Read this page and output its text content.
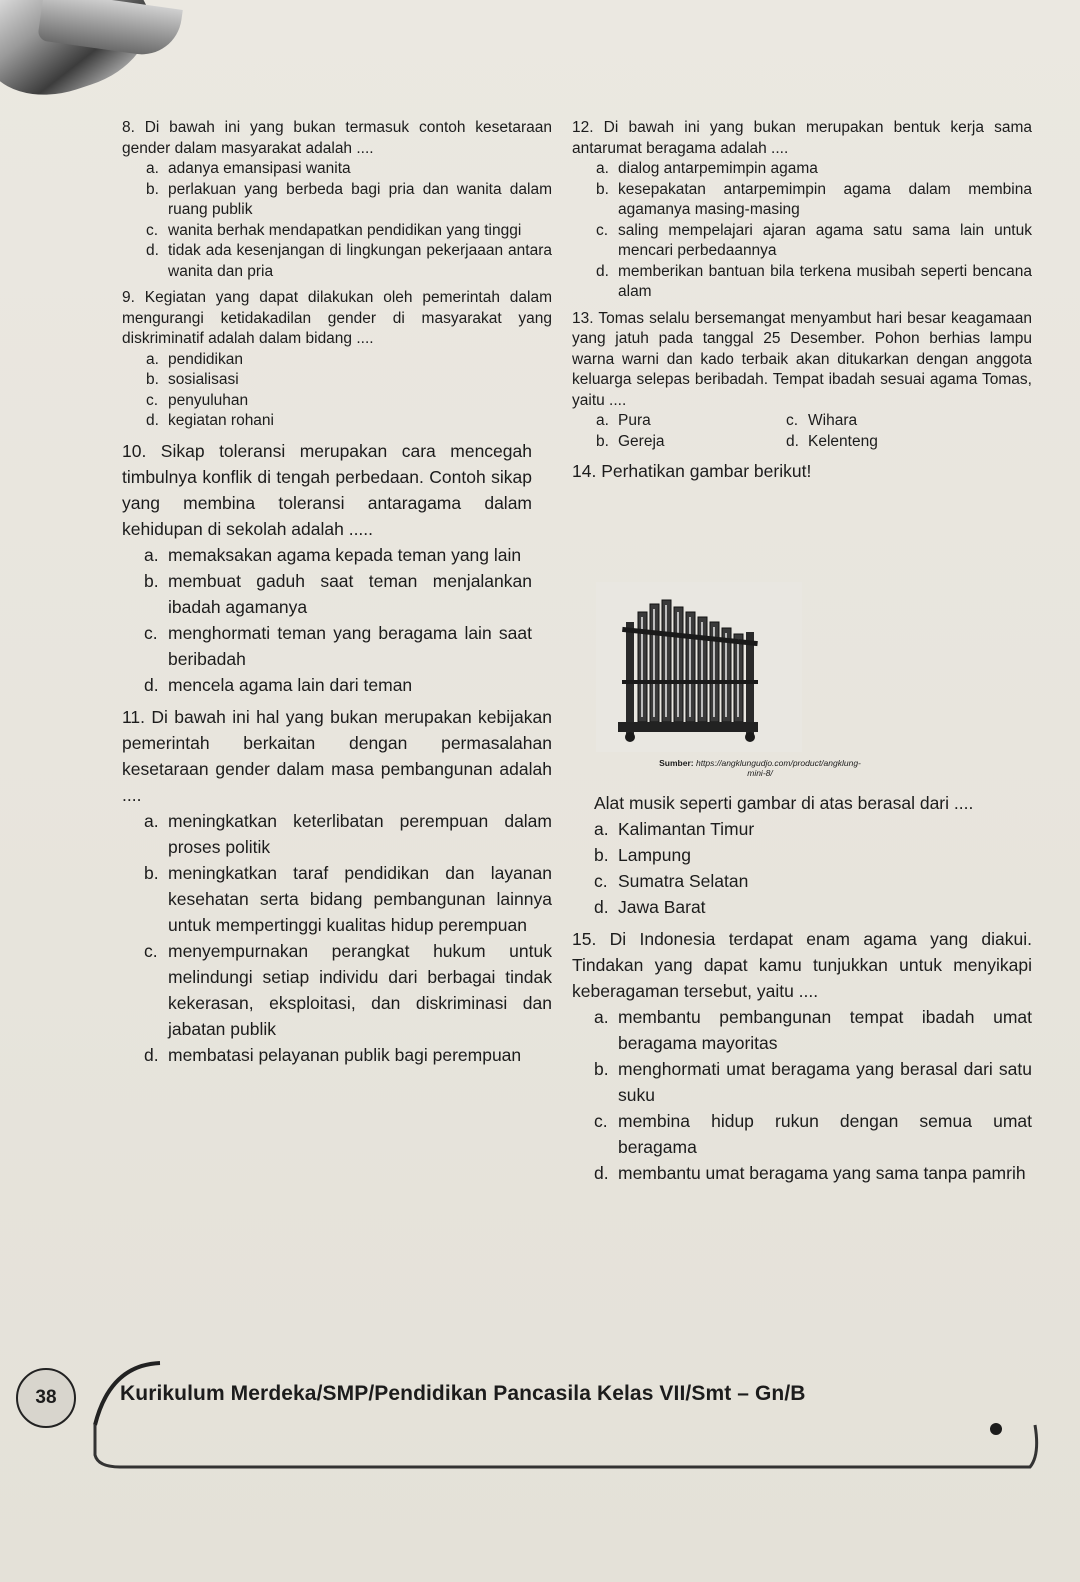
8. Di bawah ini yang bukan termasuk contoh kesetaraan gender dalam masyarakat adalah ....
a. adanya emansipasi wanita
b. perlakuan yang berbeda bagi pria dan wanita dalam ruang publik
c. wanita berhak mendapatkan pendidikan yang tinggi
d. tidak ada kesenjangan di lingkungan pekerjaaan antara wanita dan pria
9. Kegiatan yang dapat dilakukan oleh pemerintah dalam mengurangi ketidakadilan gender di masyarakat yang diskriminatif adalah dalam bidang ....
a. pendidikan
b. sosialisasi
c. penyuluhan
d. kegiatan rohani
10. Sikap toleransi merupakan cara mencegah timbulnya konflik di tengah perbedaan. Contoh sikap yang membina toleransi antaragama dalam kehidupan di sekolah adalah .....
a. memaksakan agama kepada teman yang lain
b. membuat gaduh saat teman menjalankan ibadah agamanya
c. menghormati teman yang beragama lain saat beribadah
d. mencela agama lain dari teman
11. Di bawah ini hal yang bukan merupakan kebijakan pemerintah berkaitan dengan permasalahan kesetaraan gender dalam masa pembangunan adalah ....
a. meningkatkan keterlibatan perempuan dalam proses politik
b. meningkatkan taraf pendidikan dan layanan kesehatan serta bidang pembangunan lainnya untuk mempertinggi kualitas hidup perempuan
c. menyempurnakan perangkat hukum untuk melindungi setiap individu dari berbagai tindak kekerasan, eksploitasi, dan diskriminasi dan jabatan publik
d. membatasi pelayanan publik bagi perempuan
12. Di bawah ini yang bukan merupakan bentuk kerja sama antarumat beragama adalah ....
a. dialog antarpemimpin agama
b. kesepakatan antarpemimpin agama dalam membina agamanya masing-masing
c. saling mempelajari ajaran agama satu sama lain untuk mencari perbedaannya
d. memberikan bantuan bila terkena musibah seperti bencana alam
13. Tomas selalu bersemangat menyambut hari besar keagamaan yang jatuh pada tanggal 25 Desember. Pohon berhias lampu warna warni dan kado terbaik akan ditukarkan dengan anggota keluarga selepas beribadah. Tempat ibadah sesuai agama Tomas, yaitu ....
a. Pura	c. Wihara
b. Gereja	d. Kelenteng
14. Perhatikan gambar berikut!
Sumber: https://angklungudjo.com/product/angklung-mini-8/
Alat musik seperti gambar di atas berasal dari ....
a. Kalimantan Timur
b. Lampung
c. Sumatra Selatan
d. Jawa Barat
15. Di Indonesia terdapat enam agama yang diakui. Tindakan yang dapat kamu tunjukkan untuk menyikapi keberagaman tersebut, yaitu ....
a. membantu pembangunan tempat ibadah umat beragama mayoritas
b. menghormati umat beragama yang berasal dari satu suku
c. membina hidup rukun dengan semua umat beragama
d. membantu umat beragama yang sama tanpa pamrih
38	Kurikulum Merdeka/SMP/Pendidikan Pancasila Kelas VII/Smt – Gn/B
